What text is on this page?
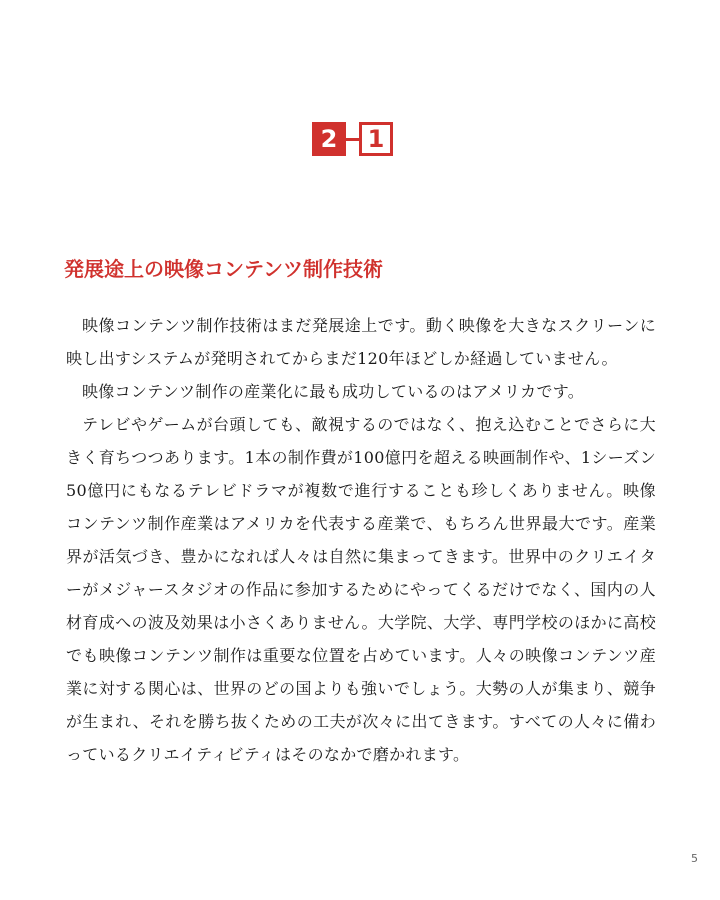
2	1
発展途上の映像コンテンツ制作技術

映像コンテンツ制作技術はまだ発展途上です。動く映像を大きなスクリーンに映し出すシステムが発明されてからまだ120年ほどしか経過していません。

映像コンテンツ制作の産業化に最も成功しているのはアメリカです。

テレビやゲームが台頭しても、敵視するのではなく、抱え込むことでさらに大きく育ちつつあります。1本の制作費が100億円を超える映画制作や、1シーズン50億円にもなるテレビドラマが複数で進行することも珍しくありません。映像コンテンツ制作産業はアメリカを代表する産業で、もちろん世界最大です。産業界が活気づき、豊かになれば人々は自然に集まってきます。世界中のクリエイターがメジャースタジオの作品に参加するためにやってくるだけでなく、国内の人材育成への波及効果は小さくありません。大学院、大学、専門学校のほかに高校でも映像コンテンツ制作は重要な位置を占めています。人々の映像コンテンツ産業に対する関心は、世界のどの国よりも強いでしょう。大勢の人が集まり、競争が生まれ、それを勝ち抜くための工夫が次々に出てきます。すべての人々に備わっているクリエイティビティはそのなかで磨かれます。

5
